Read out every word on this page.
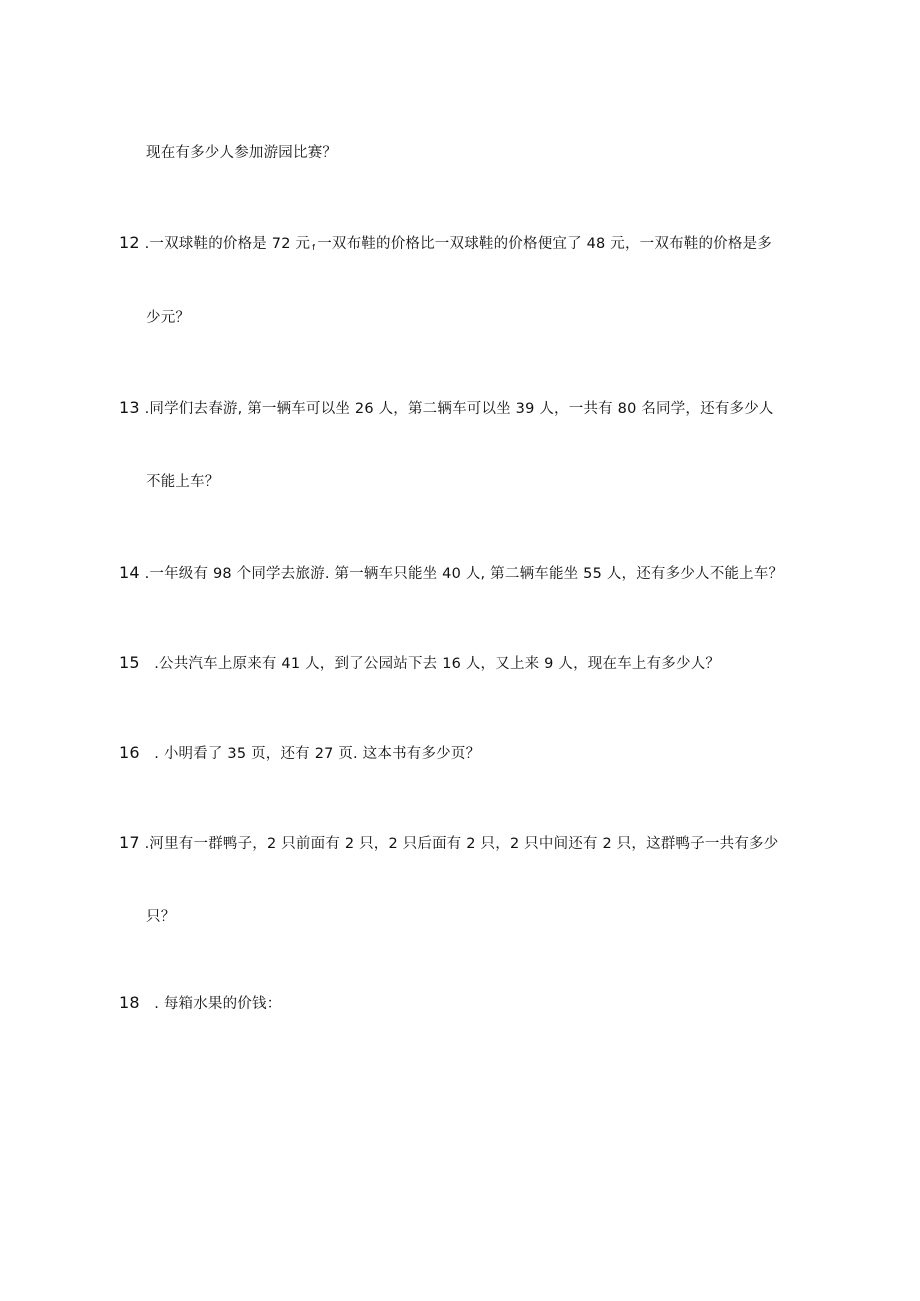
现在有多少人参加游园比赛？
12 .一双球鞋的价格是 72 元 f 一双布鞋的价格比一双球鞋的价格便宜了 48 元，一双布鞋的价格是多
少元？
13 .同学们去春游, 第一辆车可以坐 26 人，第二辆车可以坐 39 人，一共有 80 名同学，还有多少人
不能上车？
14 .一年级有 98 个同学去旅游. 第一辆车只能坐 40 人, 第二辆车能坐 55 人，还有多少人不能上车？
15   .公共汽车上原来有 41 人，到了公园站下去 16 人，又上来 9 人，现在车上有多少人？
16   . 小明看了 35 页，还有 27 页. 这本书有多少页？
17 .河里有一群鸭子，2 只前面有 2 只，2 只后面有 2 只，2 只中间还有 2 只，这群鸭子一共有多少
只？
18   . 每箱水果的价钱：
